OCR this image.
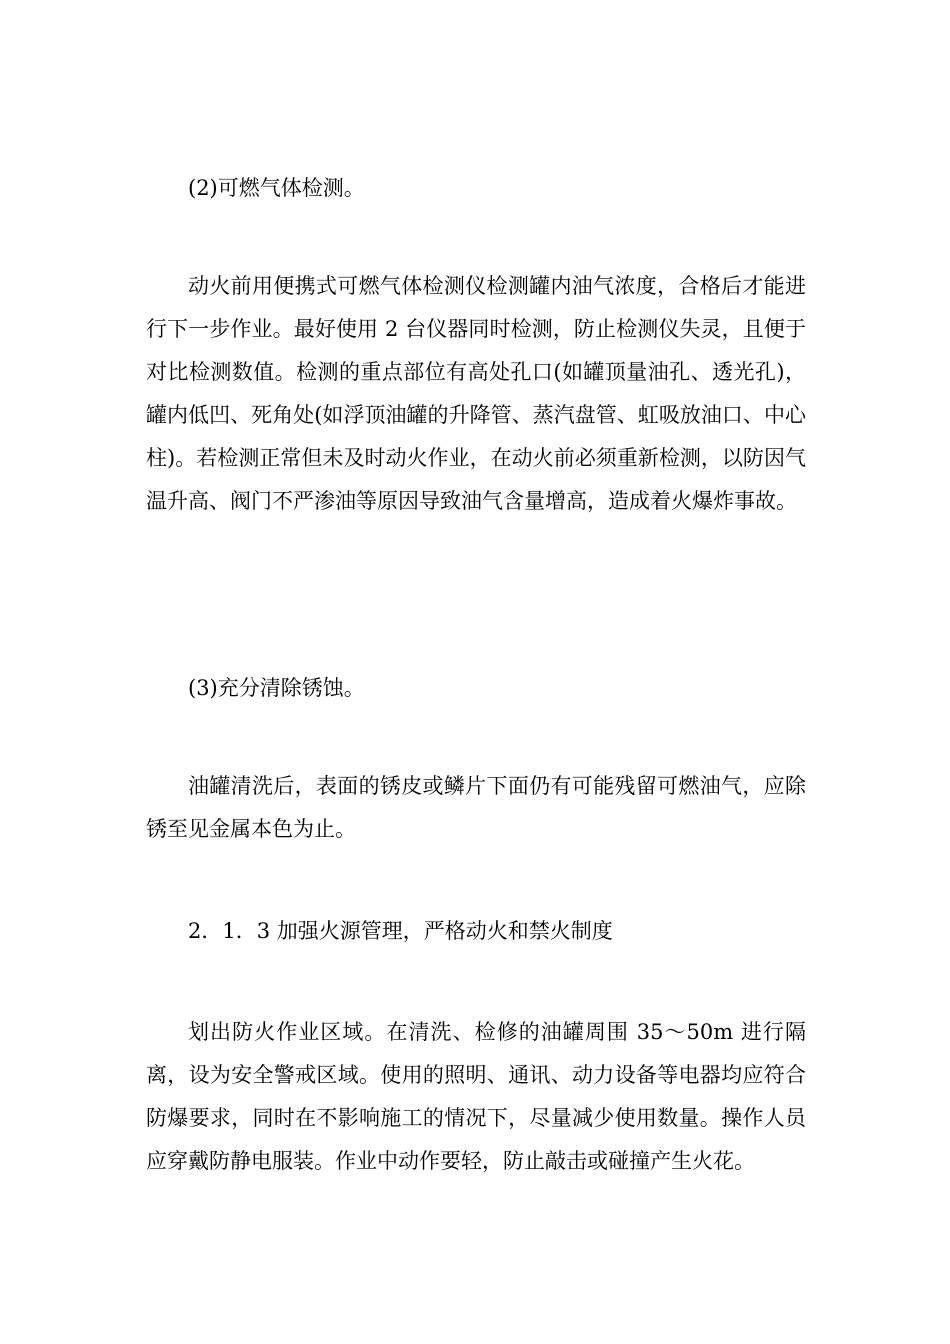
(2)可燃气体检测。

动火前用便携式可燃气体检测仪检测罐内油气浓度，合格后才能进行下一步作业。最好使用 2 台仪器同时检测，防止检测仪失灵，且便于对比检测数值。检测的重点部位有高处孔口(如罐顶量油孔、透光孔)，罐内低凹、死角处(如浮顶油罐的升降管、蒸汽盘管、虹吸放油口、中心柱)。若检测正常但未及时动火作业，在动火前必须重新检测，以防因气温升高、阀门不严渗油等原因导致油气含量增高，造成着火爆炸事故。

(3)充分清除锈蚀。

油罐清洗后，表面的锈皮或鳞片下面仍有可能残留可燃油气，应除锈至见金属本色为止。

2．1．3 加强火源管理，严格动火和禁火制度

划出防火作业区域。在清洗、检修的油罐周围 35～50m 进行隔离，设为安全警戒区域。使用的照明、通讯、动力设备等电器均应符合防爆要求，同时在不影响施工的情况下，尽量减少使用数量。操作人员应穿戴防静电服装。作业中动作要轻，防止敲击或碰撞产生火花。
